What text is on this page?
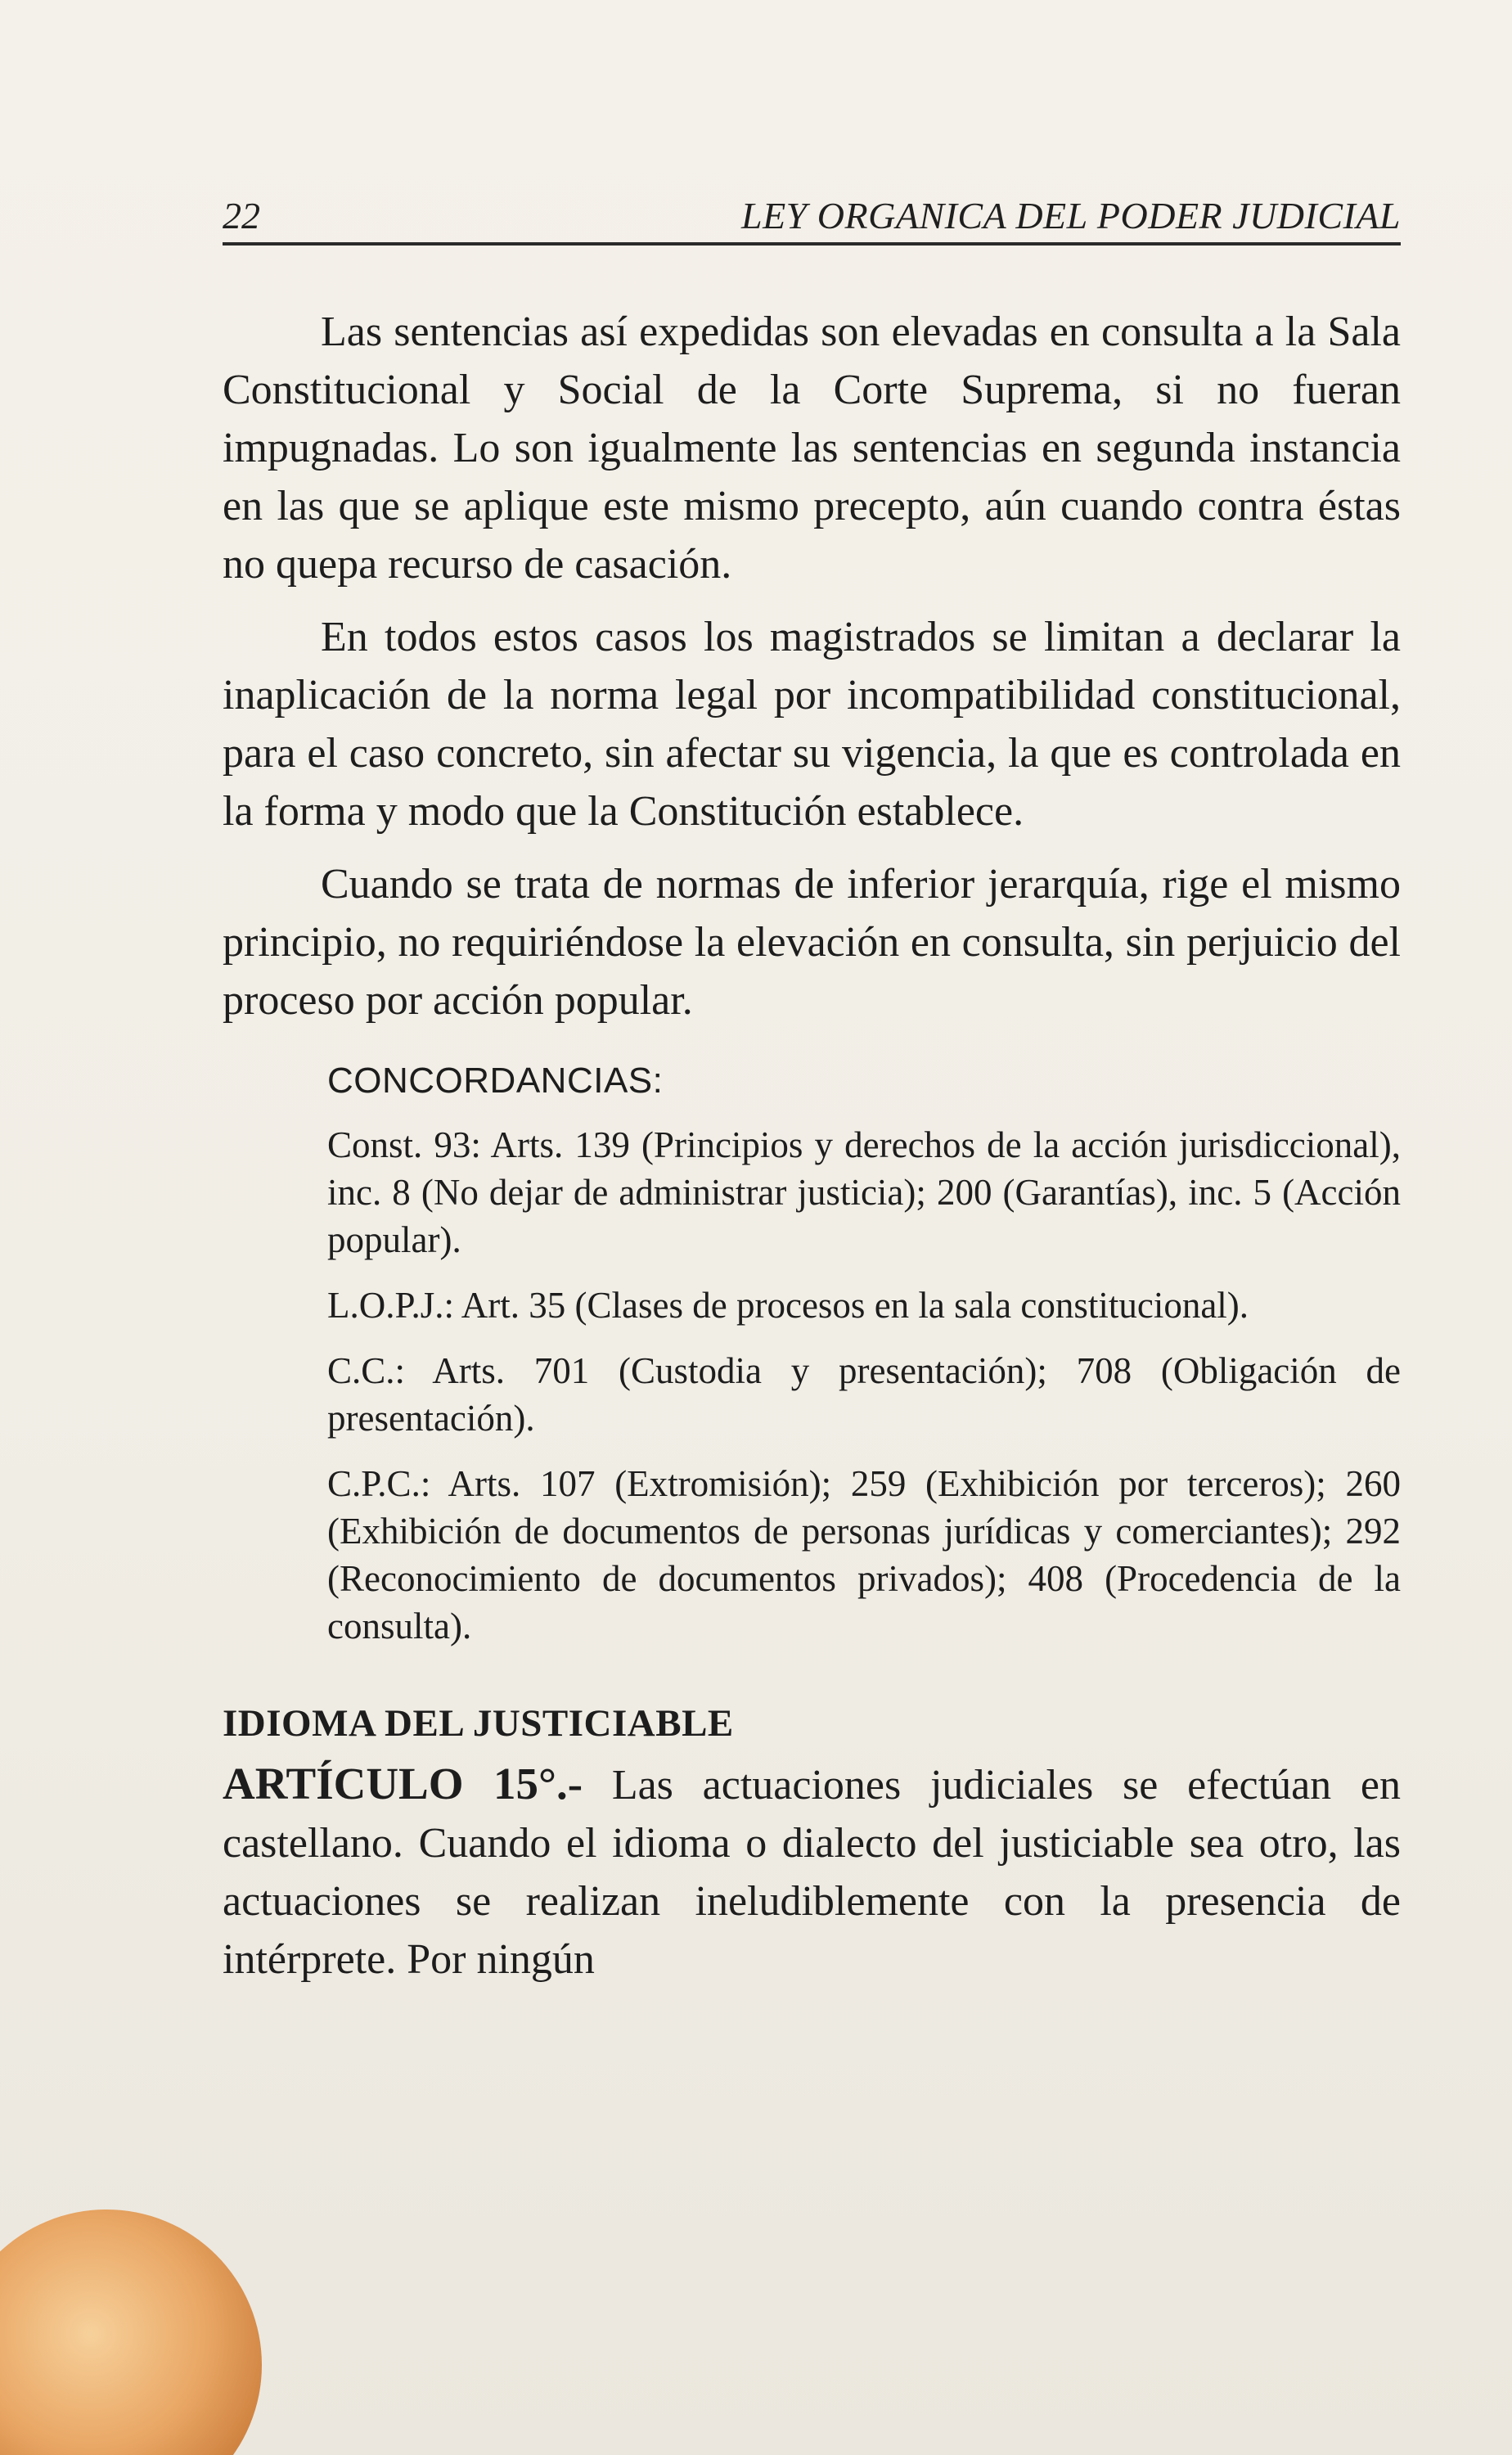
22	LEY ORGANICA DEL PODER JUDICIAL

Las sentencias así expedidas son elevadas en consulta a la Sala Constitucional y Social de la Corte Suprema, si no fueran impugnadas. Lo son igualmente las sentencias en segunda instancia en las que se aplique este mismo precepto, aún cuando contra éstas no quepa recurso de casación.

En todos estos casos los magistrados se limitan a declarar la inaplicación de la norma legal por incompatibilidad constitucional, para el caso concreto, sin afectar su vigencia, la que es controlada en la forma y modo que la Constitución establece.

Cuando se trata de normas de inferior jerarquía, rige el mismo principio, no requiriéndose la elevación en consulta, sin perjuicio del proceso por acción popular.

CONCORDANCIAS:
Const. 93: Arts. 139 (Principios y derechos de la acción jurisdiccional), inc. 8 (No dejar de administrar justicia); 200 (Garantías), inc. 5 (Acción popular).
L.O.P.J.: Art. 35 (Clases de procesos en la sala constitucional).
C.C.: Arts. 701 (Custodia y presentación); 708 (Obligación de presentación).
C.P.C.: Arts. 107 (Extromisión); 259 (Exhibición por terceros); 260 (Exhibición de documentos de personas jurídicas y comerciantes); 292 (Reconocimiento de documentos privados); 408 (Procedencia de la consulta).
IDIOMA DEL JUSTICIABLE

ARTÍCULO 15°.- Las actuaciones judiciales se efectúan en castellano. Cuando el idioma o dialecto del justiciable sea otro, las actuaciones se realizan ineludiblemente con la presencia de intérprete. Por ningún
